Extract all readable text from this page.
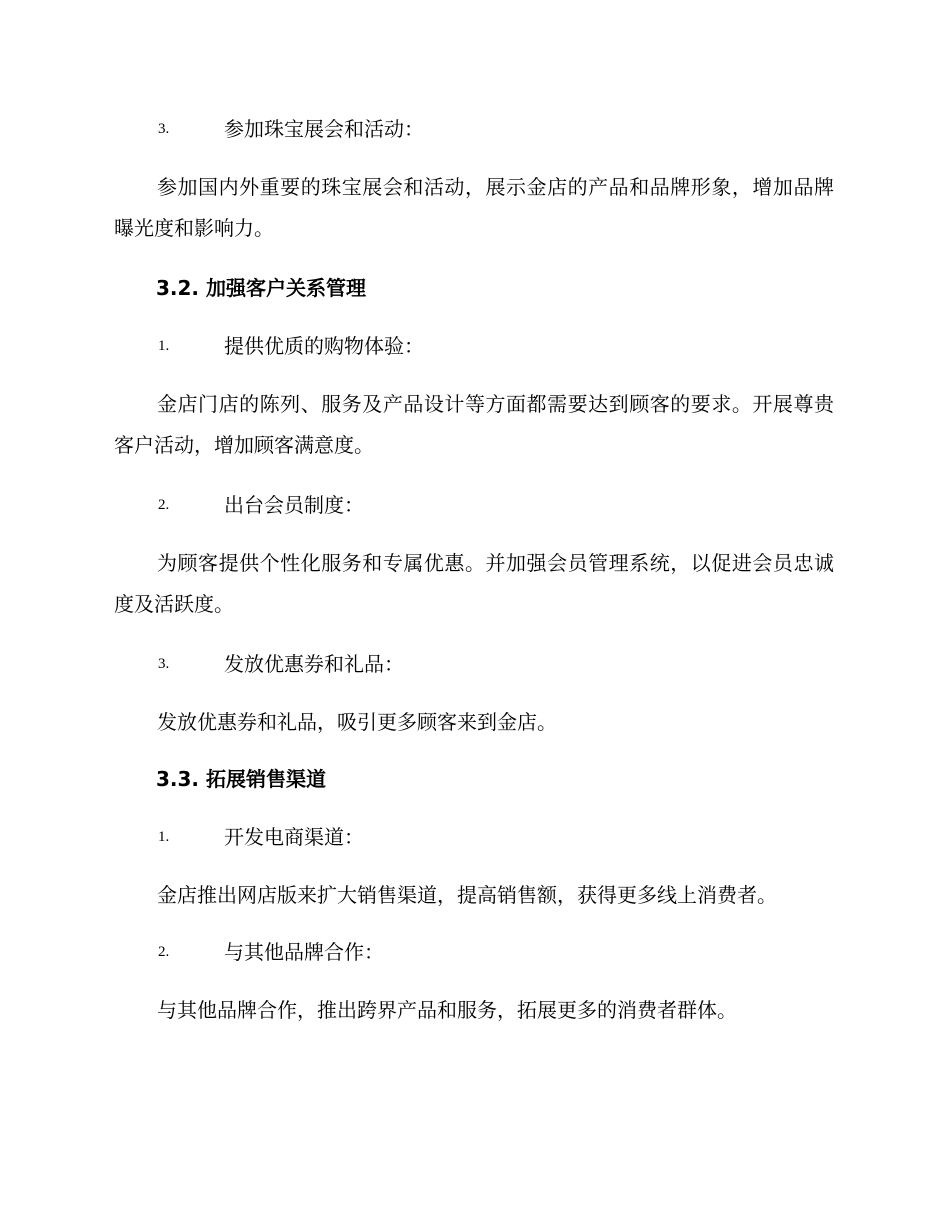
3.	参加珠宝展会和活动：

参加国内外重要的珠宝展会和活动，展示金店的产品和品牌形象，增加品牌曝光度和影响力。

3.2. 加强客户关系管理
1.	提供优质的购物体验：

金店门店的陈列、服务及产品设计等方面都需要达到顾客的要求。开展尊贵客户活动，增加顾客满意度。

2.	出台会员制度：

为顾客提供个性化服务和专属优惠。并加强会员管理系统，以促进会员忠诚度及活跃度。

3.	发放优惠券和礼品：

发放优惠券和礼品，吸引更多顾客来到金店。

3.3. 拓展销售渠道
1.	开发电商渠道：

金店推出网店版来扩大销售渠道，提高销售额，获得更多线上消费者。

2.	与其他品牌合作：

与其他品牌合作，推出跨界产品和服务，拓展更多的消费者群体。
